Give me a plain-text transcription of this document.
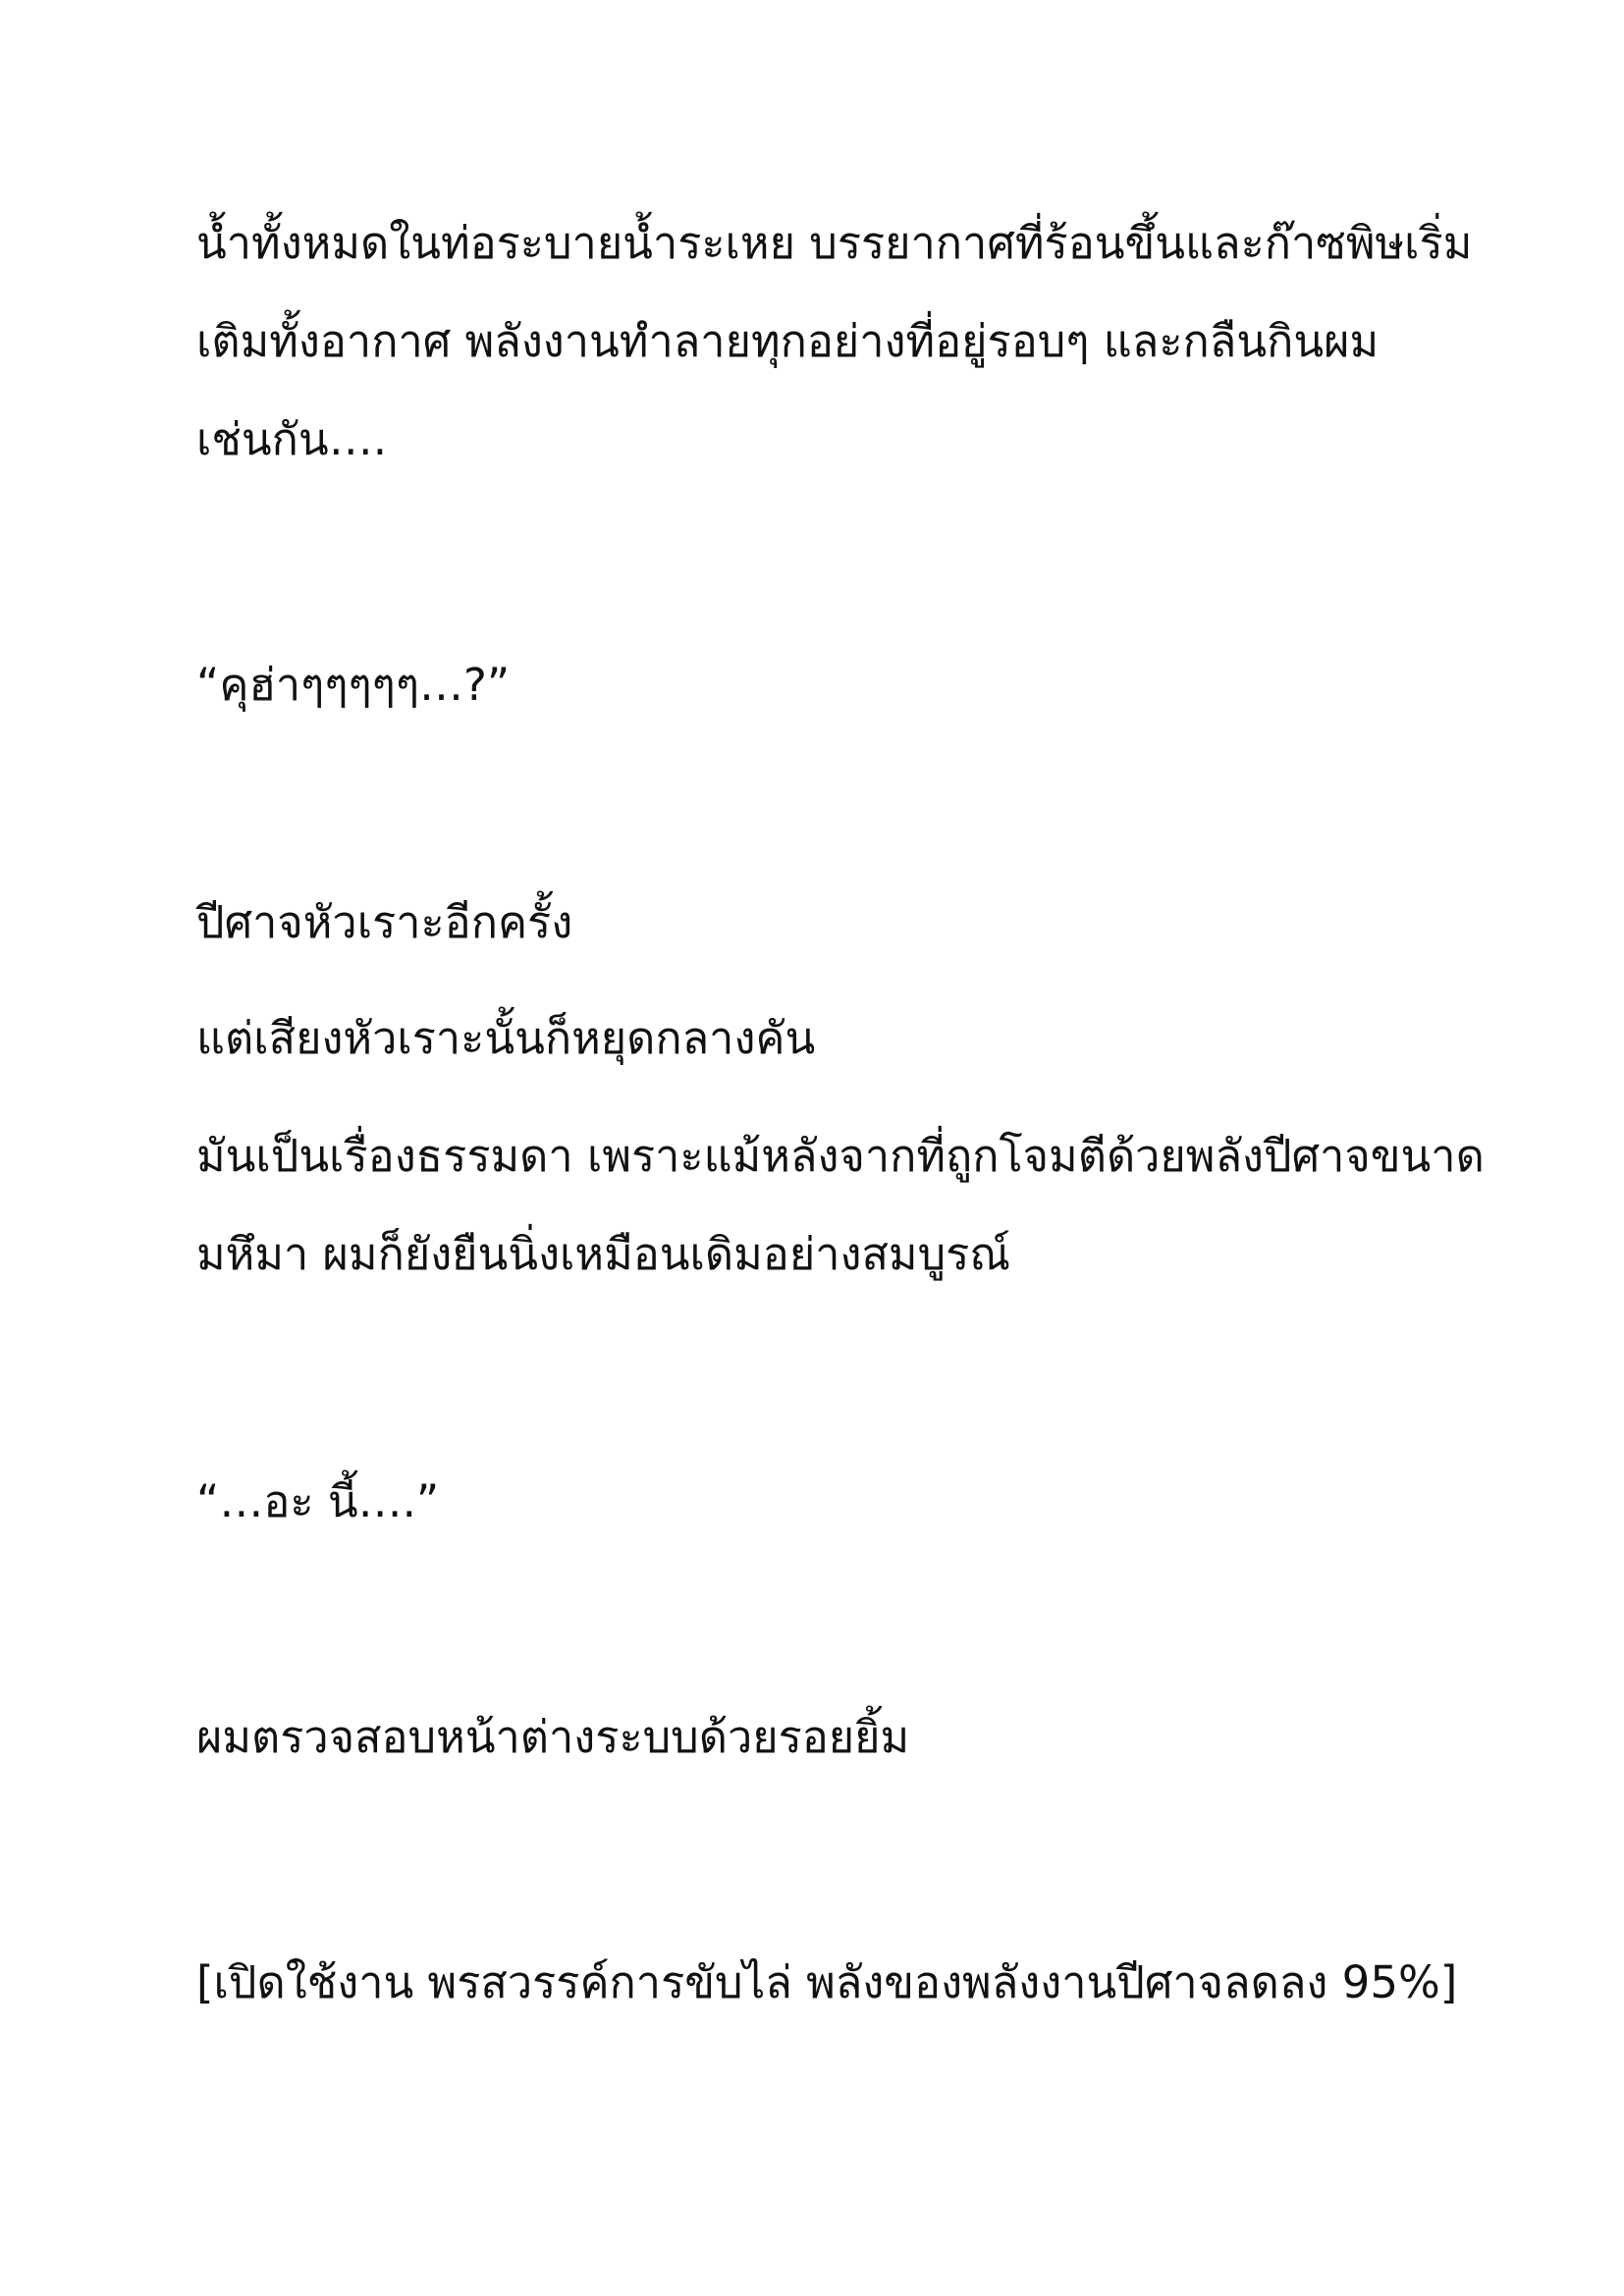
น้ำทั้งหมดในท่อระบายน้ำระเหย บรรยากาศที่ร้อนขึ้นและก๊าซพิษเริ่ม
เติมทั้งอากาศ พลังงานทำลายทุกอย่างที่อยู่รอบๆ และกลืนกินผม
เช่นกัน….
“คุฮ่าๆๆๆๆๆ…?”
ปีศาจหัวเราะอีกครั้ง
แต่เสียงหัวเราะนั้นก็หยุดกลางคัน
มันเป็นเรื่องธรรมดา เพราะแม้หลังจากที่ถูกโจมตีด้วยพลังปีศาจขนาด
มหึมา ผมก็ยังยืนนิ่งเหมือนเดิมอย่างสมบูรณ์
“…อะ นี้….”
ผมตรวจสอบหน้าต่างระบบด้วยรอยยิ้ม
[เปิดใช้งาน พรสวรรค์การขับไล่ พลังของพลังงานปีศาจลดลง 95%]
